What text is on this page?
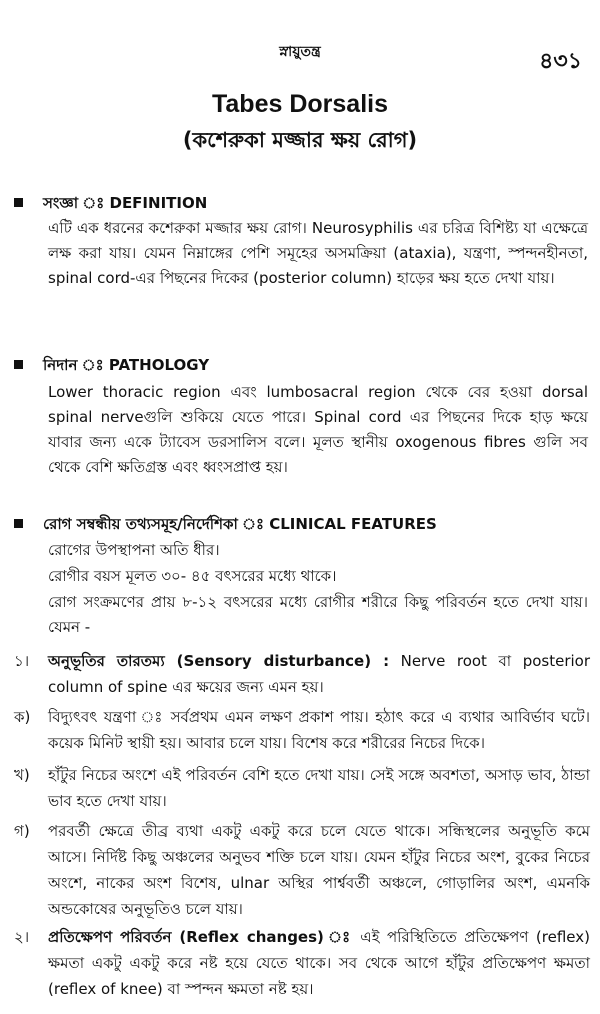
স্নায়ুতন্ত্র	৪৩১
Tabes Dorsalis
(কশেরুকা মজ্জার ক্ষয় রোগ)
সংজ্ঞা ঃ DEFINITION
এটি এক ধরনের কশেরুকা মজ্জার ক্ষয় রোগ। Neurosyphilis এর চরিত্র বিশিষ্ট্য যা এক্ষেত্রে লক্ষ করা যায়। যেমন নিম্নাঙ্গের পেশি সমূহের অসমক্রিয়া (ataxia), যন্ত্রণা, স্পন্দনহীনতা, spinal cord-এর পিছনের দিকের (posterior column) হাড়ের ক্ষয় হতে দেখা যায়।
নিদান ঃ PATHOLOGY
Lower thoracic region এবং lumbosacral region থেকে বের হওয়া dorsal spinal nerveগুলি শুকিয়ে যেতে পারে। Spinal cord এর পিছনের দিকে হাড় ক্ষয়ে যাবার জন্য একে ট্যাবেস ডরসালিস বলে। মূলত স্থানীয় oxogenous fibres গুলি সব থেকে বেশি ক্ষতিগ্রস্ত এবং ধ্বংসপ্রাপ্ত হয়।
রোগ সম্বন্ধীয় তথ্যসমূহ/নির্দেশিকা ঃ CLINICAL FEATURES
রোগের উপস্থাপনা অতি ধীর।
রোগীর বয়স মূলত ৩০- ৪৫ বৎসরের মধ্যে থাকে।
রোগ সংক্রমণের প্রায় ৮-১২ বৎসরের মধ্যে রোগীর শরীরে কিছু পরিবর্তন হতে দেখা যায়। যেমন -
১।	অনুভূতির তারতম্য (Sensory disturbance) : Nerve root বা posterior column of spine এর ক্ষয়ের জন্য এমন হয়।
ক)	বিদ্যুৎবৎ যন্ত্রণা ঃ সর্বপ্রথম এমন লক্ষণ প্রকাশ পায়। হঠাৎ করে এ ব্যথার আবির্ভাব ঘটে। কয়েক মিনিট স্থায়ী হয়। আবার চলে যায়। বিশেষ করে শরীরের নিচের দিকে।
খ)	হাঁটুর নিচের অংশে এই পরিবর্তন বেশি হতে দেখা যায়। সেই সঙ্গে অবশতা, অসাড় ভাব, ঠান্ডা ভাব হতে দেখা যায়।
গ)	পরবর্তী ক্ষেত্রে তীব্র ব্যথা একটু একটু করে চলে যেতে থাকে। সন্ধিস্থলের অনুভূতি কমে আসে। নির্দিষ্ট কিছু অঞ্চলের অনুভব শক্তি চলে যায়। যেমন হাঁটুর নিচের অংশ, বুকের নিচের অংশে, নাকের অংশ বিশেষ, ulnar অস্থির পার্শ্ববর্তী অঞ্চলে, গোড়ালির অংশ, এমনকি অন্ডকোষের অনুভূতিও চলে যায়।
২।	প্রতিক্ষেপণ পরিবর্তন (Reflex changes) ঃ এই পরিস্থিতিতে প্রতিক্ষেপণ (reflex) ক্ষমতা একটু একটু করে নষ্ট হয়ে যেতে থাকে। সব থেকে আগে হাঁটুর প্রতিক্ষেপণ ক্ষমতা (reflex of knee) বা স্পন্দন ক্ষমতা নষ্ট হয়।
